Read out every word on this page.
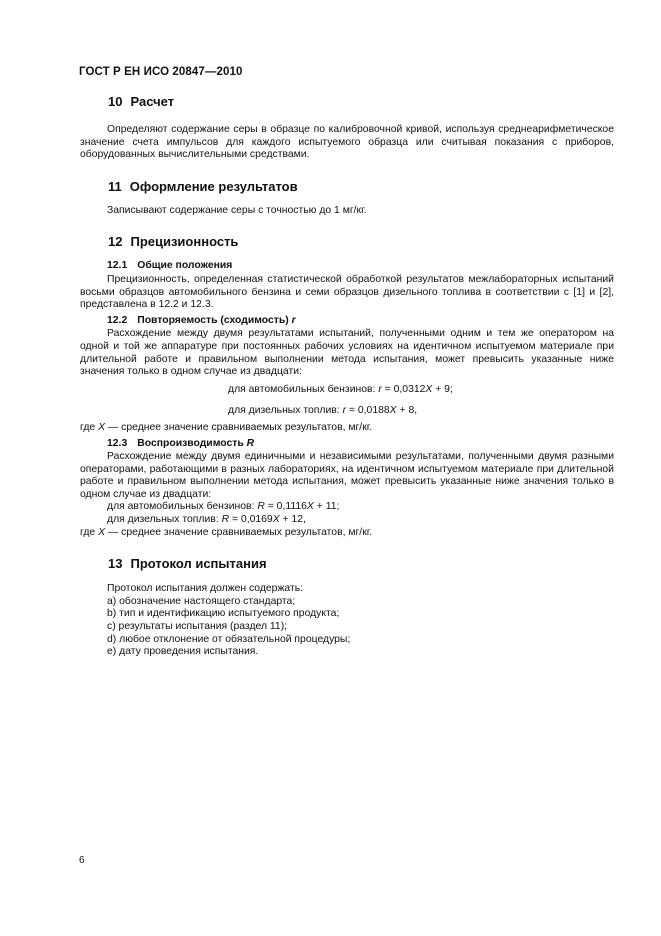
ГОСТ Р ЕН ИСО 20847—2010
10 Расчет
Определяют содержание серы в образце по калибровочной кривой, используя среднеарифметическое значение счета импульсов для каждого испытуемого образца или считывая показания с приборов, оборудованных вычислительными средствами.
11 Оформление результатов
Записывают содержание серы с точностью до 1 мг/кг.
12 Прецизионность
12.1 Общие положения
Прецизионность, определенная статистической обработкой результатов межлабораторных испытаний восьми образцов автомобильного бензина и семи образцов дизельного топлива в соответствии с [1] и [2], представлена в 12.2 и 12.3.
12.2 Повторяемость (сходимость) r
Расхождение между двумя результатами испытаний, полученными одним и тем же оператором на одной и той же аппаратуре при постоянных рабочих условиях на идентичном испытуемом материале при длительной работе и правильном выполнении метода испытания, может превысить указанные ниже значения только в одном случае из двадцати:
для автомобильных бензинов: r = 0,0312X + 9;
для дизельных топлив: r = 0,0188X + 8,
где X — среднее значение сравниваемых результатов, мг/кг.
12.3 Воспроизводимость R
Расхождение между двумя единичными и независимыми результатами, полученными двумя разными операторами, работающими в разных лабораториях, на идентичном испытуемом материале при длительной работе и правильном выполнении метода испытания, может превысить указанные ниже значения только в одном случае из двадцати:
для автомобильных бензинов: R = 0,1116X + 11;
для дизельных топлив: R = 0,0169X + 12,
где X — среднее значение сравниваемых результатов, мг/кг.
13 Протокол испытания
Протокол испытания должен содержать:
a) обозначение настоящего стандарта;
b) тип и идентификацию испытуемого продукта;
c) результаты испытания (раздел 11);
d) любое отклонение от обязательной процедуры;
e) дату проведения испытания.
6
